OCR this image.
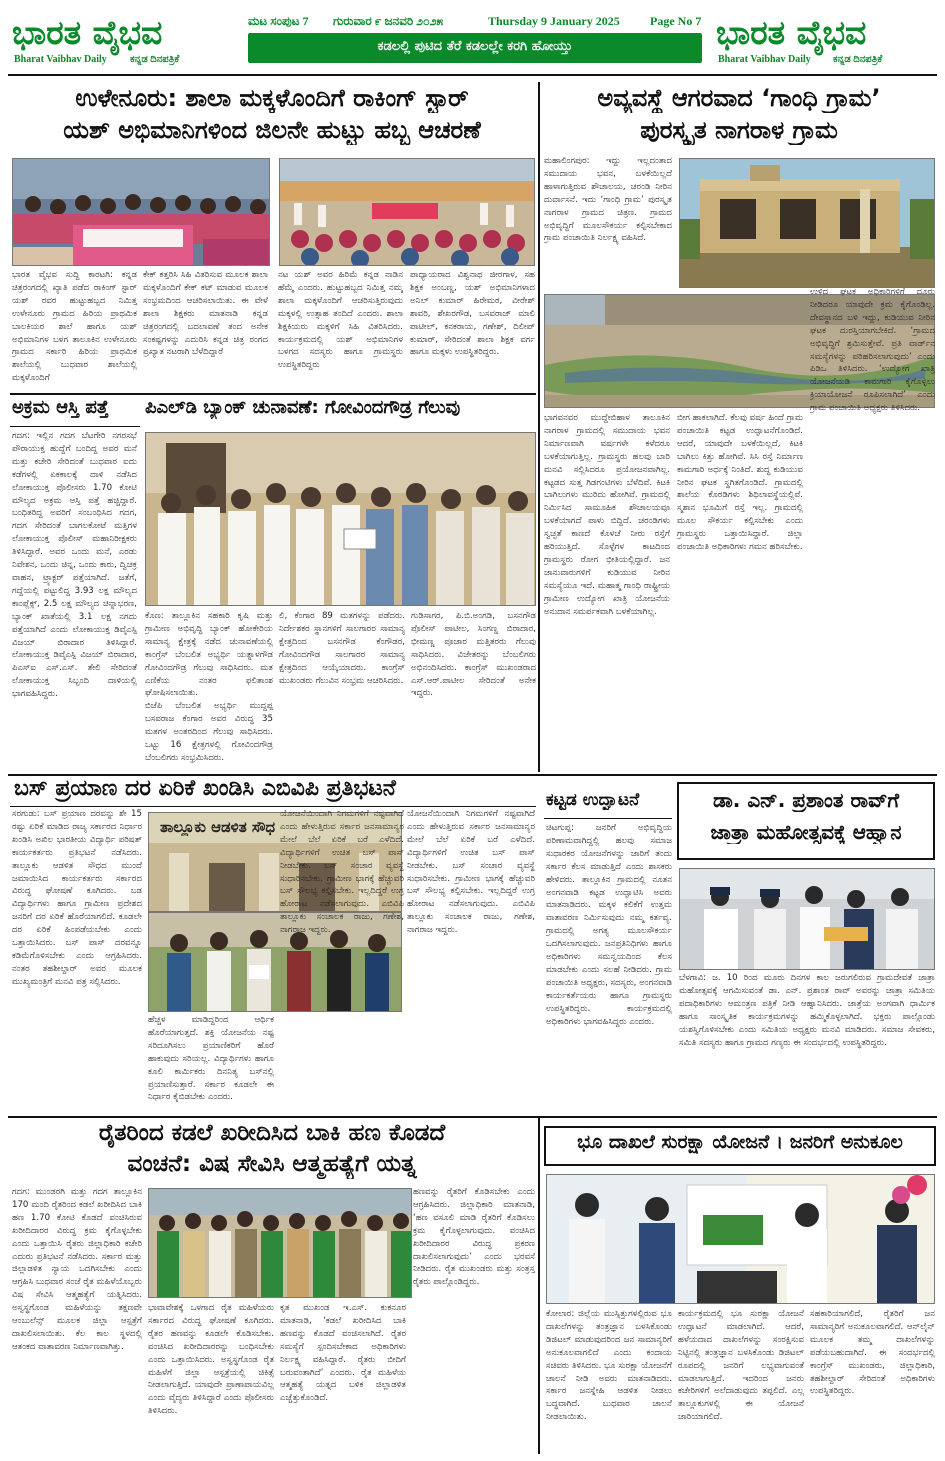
ಭಾರತ ವೈಭವ
Bharat Vaibhav Daily ಕನ್ನಡ ದಿನಪತ್ರಿಕೆ
ಮಟ ಸಂಪುಟ 7 ಗುರುವಾರ ೯ ಜನವರಿ ೨೦೨೫	Thursday 9 January 2025	Page No 7
ಕಡಲಲ್ಲಿ ಪುಟಿದ ತೆರೆ ಕಡಲಲ್ಲೇ ಕರಗಿ ಹೋಯ್ತು	ಭಾರತ ವೈಭವ
Bharat Vaibhav Daily ಕನ್ನಡ ದಿನಪತ್ರಿಕೆ
ಉಳೇನೂರು: ಶಾಲಾ ಮಕ್ಕಳೊಂದಿಗೆ ರಾಕಿಂಗ್ ಸ್ಟಾರ್
ಯಶ್ ಅಭಿಮಾನಿಗಳಿಂದ ಜಿಲನೇ ಹುಟ್ಟು ಹಬ್ಬ ಆಚರಣೆ
ಭಾರತ ವೈಭವ ಸುದ್ದಿ ಕಾರಟಗಿ: ಕನ್ನಡ ಚಿತ್ರರಂಗದಲ್ಲಿ ಖ್ಯಾತಿ ಪಡೆದ ರಾಕಿಂಗ್ ಸ್ಟಾರ್ ಯಶ್ ರವರ ಹುಟ್ಟುಹಬ್ಬದ ನಿಮಿತ್ತ ಉಳೇನೂರು ಗ್ರಾಮದ ಹಿರಿಯ ಪ್ರಾಥಮಿಕ ಬಾಲಕಿಯರ ಶಾಲೆ ಹಾಗೂ ಯಶ್ ಅಭಿಮಾನಿಗಳ ಬಳಗ ತಾಲೂಕಿನ ಉಳೇನೂರು ಗ್ರಾಮದ ಸರ್ಕಾರಿ ಹಿರಿಯ ಪ್ರಾಥಮಿಕ ಶಾಲೆಯಲ್ಲಿ ಬುಧವಾರ ಶಾಲೆಯಲ್ಲಿ ಮಕ್ಕಳೊಂದಿಗೆ
ಕೇಕ್ ಕತ್ತರಿಸಿ ಸಿಹಿ ವಿತರಿಸುವ ಮೂಲಕ ಶಾಲಾ ಮಕ್ಕಳೊಂದಿಗೆ ಕೇಕ್ ಕಟ್ ಮಾಡುವ ಮೂಲಕ ಸಂಭ್ರಮದಿಂದ ಆಚರಿಸಲಾಯಿತು. ಈ ವೇಳೆ ಶಾಲಾ ಶಿಕ್ಷಕರು ಮಾತನಾಡಿ ಕನ್ನಡ ಚಿತ್ರರಂಗದಲ್ಲಿ ಬದಲಾವಣೆ ತಂದ ಅನೇಕ ಸಂಕಷ್ಟಗಳನ್ನು ಎದುರಿಸಿ ಕನ್ನಡ ಚಿತ್ರ ರಂಗದ ಪ್ರಖ್ಯಾತ ನಟರಾಗಿ ಬೆಳೆದಿದ್ದಾರೆ
ನಟ ಯಶ್ ಅವರ ಹಿರಿಮೆ ಕನ್ನಡ ನಾಡಿನ ಹೆಮ್ಮೆ ಎಂದರು. ಹುಟ್ಟುಹಬ್ಬದ ನಿಮಿತ್ತ ನಮ್ಮ ಶಾಲಾ ಮಕ್ಕಳೊಂದಿಗೆ ಆಚರಿಸುತ್ತಿರುವುದು ಮಕ್ಕಳಲ್ಲಿ ಉತ್ಸಾಹ ತಂದಿದೆ ಎಂದರು. ಶಾಲಾ ಶಿಕ್ಷಕಿಯರು ಮಕ್ಕಳಿಗೆ ಸಿಹಿ ವಿತರಿಸಿದರು. ಕಾರ್ಯಕ್ರಮದಲ್ಲಿ ಯಶ್ ಅಭಿಮಾನಿಗಳ ಬಳಗದ ಸದಸ್ಯರು ಹಾಗೂ ಗ್ರಾಮಸ್ಥರು ಉಪಸ್ಥಿತರಿದ್ದರು
ಪಾಧ್ಯಾಯರಾದ ವಿಶ್ವನಾಥ ಜೀರಗಾಳ, ಸಹ ಶಿಕ್ಷಕ ಅಂಬಣ್ಣ, ಯಶ್ ಅಭಿಮಾನಿಗಳಾದ ಅನಿಲ್ ಕುಮಾರ್ ಹಿರೇಮಠ, ವೀರೇಶ್ ಶಾವರಿ, ಶೇಖರಗೌಡ, ಬಸವರಾಜ್ ಮಾಲಿ ಪಾಟೀಲ್, ಕನಕರಾಯ, ಗಣೇಶ್, ದಿಲೀಪ್ ಕುಮಾರ್, ಸೇರಿದಂತೆ ಶಾಲಾ ಶಿಕ್ಷಕ ವರ್ಗ ಹಾಗೂ ಮಕ್ಕಳು ಉಪಸ್ಥಿತರಿದ್ದರು.
ಅಕ್ರಮ ಆಸ್ತಿ ಪತ್ತೆ
ಗದಗ: ಇಲ್ಲಿನ ಗದಗ ಬೆಟಗೇರಿ ನಗರಸಭೆ ಪೌರಾಯುಕ್ತ ಹುದ್ದೆಗೆ ಬಂದಿದ್ದ ಅವರ ಮನೆ ಮತ್ತು ಕಚೇರಿ ಸೇರಿದಂತೆ ಬುಧವಾರ ಐದು ಕಡೆಗಳಲ್ಲಿ ಏಕಕಾಲಕ್ಕೆ ದಾಳಿ ನಡೆಸಿದ ಲೋಕಾಯುಕ್ತ ಪೊಲೀಸರು 1.70 ಕೋಟಿ ಮೌಲ್ಯದ ಅಕ್ರಮ ಆಸ್ತಿ ಪತ್ತೆ ಹಚ್ಚಿದ್ದಾರೆ. ಬಂಧಿತರಿದ್ದ ಅವರಿಗೆ ಸಂಬಂಧಿಸಿದ ಗದಗ, ಗದಗ ಸೇರಿದಂತೆ ಬಾಗಲಕೋಟೆ ಮತ್ತಿಗಳ ಲೋಕಾಯುಕ್ತ ಪೊಲೀಸ್ ಮಹಾನಿರೀಕ್ಷಕರು ತಿಳಿಸಿದ್ದಾರೆ. ಅವರ ಒಂದು ಮನೆ, ಎರಡು ನಿವೇಶನ, ಒಂದು ಚಿನ್ನ, ಒಂದು ಕಾರು, ದ್ವಿಚಕ್ರ ವಾಹನ, ಟ್ರ್ಯಾಕ್ಟರ್ ಪತ್ತೆಯಾಗಿದೆ. ಜತೆಗೆ, ಗದ್ದೆಯಲ್ಲಿ ಪಟ್ಟುಲಿದ್ದ 3.93 ಲಕ್ಷ ಮೌಲ್ಯದ ಕಾಂಪ್ಲೆಕ್ಸ್, 2.5 ಲಕ್ಷ ಮೌಲ್ಯದ ಚಿನ್ನಾಭರಣ, ಬ್ಯಾಂಕ್ ಖಾತೆಯಲ್ಲಿ 3.1 ಲಕ್ಷ ನಗದು ಪತ್ತೆಯಾಗಿದೆ ಎಂದು ಲೋಕಾಯುಕ್ತ ಡಿವೈಎಸ್ಪಿ ವಿಜಯ್ ಬಿರಾದಾರ ತಿಳಿಸಿದ್ದಾರೆ. ಲೋಕಾಯುಕ್ತ ಡಿವೈಎಸ್ಪಿ ವಿಜಯ್ ಬಿರಾದಾರ, ಪಿಎಸ್ಐ ಎಸ್.ಎಸ್. ತೇಲಿ ಸೇರಿದಂತೆ ಲೋಕಾಯುಕ್ತ ಸಿಬ್ಬಂದಿ ದಾಳಿಯಲ್ಲಿ ಭಾಗವಹಿಸಿದ್ದರು.
ಪಿಎಲ್‌ಡಿ ಬ್ಯಾಂಕ್ ಚುನಾವಣೆ: ಗೋವಿಂದಗೌಡ್ರ ಗೆಲುವು
ಕೊಣ: ತಾಲ್ಲೂಕಿನ ಸಹಕಾರಿ ಕೃಷಿ ಮತ್ತು ಗ್ರಾಮೀಣ ಅಭಿವೃದ್ಧಿ ಬ್ಯಾಂಕ್ ಹೋಕೇರಿಯ ಸಾಮಾನ್ಯ ಕ್ಷೇತ್ರಕ್ಕೆ ನಡೆದ ಚುನಾವಣೆಯಲ್ಲಿ ಕಾಂಗ್ರೆಸ್ ಬೆಂಬಲಿತ ಅಭ್ಯರ್ಥಿ ಯತ್ನಾಳಗೌಡ ಗೋವಿಂದಗೌಡ್ರ ಗೆಲುವು ಸಾಧಿಸಿದರು. ಮತ ಎಣಿಕೆಯ ನಂತರ ಫಲಿತಾಂಶ ಘೋಷಿಸಲಾಯಿತು.
ಬಿಜೆಪಿ ಬೆಂಬಲಿತ ಅಭ್ಯರ್ಥಿ ಮುದ್ದಪ್ಪ ಬಸವರಾಜ ಕೆಂಗಾರ ಅವರ ವಿರುದ್ಧ 35 ಮತಗಳ ಅಂತರದಿಂದ ಗೆಲುವು ಸಾಧಿಸಿದರು. ಒಟ್ಟು 16 ಕ್ಷೇತ್ರಗಳಲ್ಲಿ ಗೋವಿಂದಗೌಡ್ರ ಬೆಂಬಲಿಗರು ಸಂಭ್ರಮಿಸಿದರು.
ಲಿ, ಕೆಂಗಾರ 89 ಮತಗಳನ್ನು ಪಡೆದರು. ನಿರ್ದೇಶಕರ ಸ್ಥಾನಗಳಿಗೆ ಸಾಲಗಾರರ ಸಾಮಾನ್ಯ ಕ್ಷೇತ್ರದಿಂದ ಬಸನಗೌಡ ಕೆಂಗೌಡರ, ಗೋವಿಂದಗೌಡ ಸಾಲಗಾರರ ಸಾಮಾನ್ಯ ಕ್ಷೇತ್ರದಿಂದ ಆಯ್ಕೆಯಾದರು. ಕಾಂಗ್ರೆಸ್ ಮುಖಂಡರು ಗೆಲುವಿನ ಸಂಭ್ರಮ ಆಚರಿಸಿದರು.
ಗುಡಿಸಾಗರ, ಪಿ.ಬಿ.ಅಂಗಡಿ, ಬಸನಗೌಡ ಪೊಲೀಸ್ ಪಾಟೀಲ, ಸಿಂಗಣ್ಣ ಬಿರಾದಾರ, ಭೀಮಣ್ಣ ಪೂಜಾರ ಮತ್ತಿತರರು ಗೆಲುವು ಸಾಧಿಸಿದರು. ವಿಜೇತರನ್ನು ಬೆಂಬಲಿಗರು ಅಭಿನಂದಿಸಿದರು. ಕಾಂಗ್ರೆಸ್ ಮುಖಂಡರಾದ ಎಸ್.ಆರ್.ಪಾಟೀಲ ಸೇರಿದಂತೆ ಅನೇಕ ಇದ್ದರು.
ಅವ್ಯವಸ್ಥೆ ಆಗರವಾದ ‘ಗಾಂಧಿ ಗ್ರಾಮ’
ಪುರಸ್ಕೃತ ನಾಗರಾಳ ಗ್ರಾಮ
ಮಹಾಲಿಂಗಪುರ: ಇದ್ದು ಇಲ್ಲದಂತಾದ ಸಮುದಾಯ ಭವನ, ಬಳಕೆಯಿಲ್ಲದೆ ಹಾಳಾಗುತ್ತಿರುವ ಶೌಚಾಲಯ, ಚರಂಡಿ ನೀರಿನ ದುರ್ವಾಸನೆ. ಇದು ‘ಗಾಂಧಿ ಗ್ರಾಮ’ ಪುರಸ್ಕೃತ ನಾಗರಾಳ ಗ್ರಾಮದ ಚಿತ್ರಣ. ಗ್ರಾಮದ ಅಭಿವೃದ್ಧಿಗೆ ಮೂಲಸೌಕರ್ಯ ಕಲ್ಪಿಸಬೇಕಾದ ಗ್ರಾಮ ಪಂಚಾಯಿತಿ ನಿರ್ಲಕ್ಷ್ಯ ವಹಿಸಿದೆ.
ಭಾಗವನವರ ಮುದ್ದೇಬಿಹಾಳ ತಾಲೂಕಿನ ನಾಗರಾಳ ಗ್ರಾಮದಲ್ಲಿ ಸಮುದಾಯ ಭವನ ನಿರ್ಮಾಣವಾಗಿ ವರ್ಷಗಳೇ ಕಳೆದರೂ ಬಳಕೆಯಾಗುತ್ತಿಲ್ಲ. ಗ್ರಾಮಸ್ಥರು ಹಲವು ಬಾರಿ ಮನವಿ ಸಲ್ಲಿಸಿದರೂ ಪ್ರಯೋಜನವಾಗಿಲ್ಲ. ಕಟ್ಟಡದ ಸುತ್ತ ಗಿಡಗಂಟಿಗಳು ಬೆಳೆದಿವೆ. ಕಿಟಕಿ ಬಾಗಿಲುಗಳು ಮುರಿದು ಹೋಗಿವೆ. ಗ್ರಾಮದಲ್ಲಿ ನಿರ್ಮಿಸಿದ ಸಾಮೂಹಿಕ ಶೌಚಾಲಯವೂ ಬಳಕೆಯಾಗದೆ ಪಾಳು ಬಿದ್ದಿದೆ. ಚರಂಡಿಗಳು ಸ್ವಚ್ಛತೆ ಕಾಣದೆ ಕೊಳಚೆ ನೀರು ರಸ್ತೆಗೆ ಹರಿಯುತ್ತಿದೆ. ಸೊಳ್ಳೆಗಳ ಕಾಟದಿಂದ ಗ್ರಾಮಸ್ಥರು ರೋಗ ಭೀತಿಯಲ್ಲಿದ್ದಾರೆ. ಜನ ಜಾನುವಾರುಗಳಿಗೆ ಕುಡಿಯುವ ನೀರಿನ ಸಮಸ್ಯೆಯೂ ಇದೆ. ಮಹಾತ್ಮ ಗಾಂಧಿ ರಾಷ್ಟ್ರೀಯ ಗ್ರಾಮೀಣ ಉದ್ಯೋಗ ಖಾತ್ರಿ ಯೋಜನೆಯ ಅನುದಾನ ಸಮರ್ಪಕವಾಗಿ ಬಳಕೆಯಾಗಿಲ್ಲ.
ಬೀಗ ಹಾಕಲಾಗಿದೆ. ಕೆಲವು ವರ್ಷ ಹಿಂದೆ ಗ್ರಾಮ ಪಂಚಾಯಿತಿ ಕಟ್ಟಡ ಉದ್ಘಾಟನೆಗೊಂಡಿದೆ. ಆದರೆ, ಯಾವುದೇ ಬಳಕೆಯಿಲ್ಲದೆ, ಕಿಟಕಿ ಬಾಗಿಲು ಕಿತ್ತು ಹೋಗಿವೆ. ಸಿಸಿ ರಸ್ತೆ ನಿರ್ಮಾಣ ಕಾಮಗಾರಿ ಅರ್ಧಕ್ಕೆ ನಿಂತಿದೆ. ಶುದ್ಧ ಕುಡಿಯುವ ನೀರಿನ ಘಟಕ ಸ್ಥಗಿತಗೊಂಡಿದೆ. ಗ್ರಾಮದಲ್ಲಿ ಶಾಲೆಯ ಕೊಠಡಿಗಳು ಶಿಥಿಲಾವಸ್ಥೆಯಲ್ಲಿವೆ. ಸ್ಮಶಾನ ಭೂಮಿಗೆ ರಸ್ತೆ ಇಲ್ಲ. ಗ್ರಾಮದಲ್ಲಿ ಮೂಲ ಸೌಕರ್ಯ ಕಲ್ಪಿಸಬೇಕು ಎಂದು ಗ್ರಾಮಸ್ಥರು ಒತ್ತಾಯಿಸಿದ್ದಾರೆ. ಜಿಲ್ಲಾ ಪಂಚಾಯಿತಿ ಅಧಿಕಾರಿಗಳು ಗಮನ ಹರಿಸಬೇಕು.
ಉಳಿದ ಘಟಕ ಅಧಿಕಾರಿಗಳಿಗೆ ದೂರು ನೀಡಿದರೂ ಯಾವುದೇ ಕ್ರಮ ಕೈಗೊಂಡಿಲ್ಲ. ದೇವಸ್ಥಾನದ ಬಳಿ ಇದ್ದು, ಕುಡಿಯುವ ನೀರಿನ ಘಟಕ ದುರಸ್ತಿಯಾಗಬೇಕಿದೆ. ‘ಗ್ರಾಮದ ಅಭಿವೃದ್ಧಿಗೆ ಶ್ರಮಿಸುತ್ತೇವೆ. ಪ್ರತಿ ವಾರ್ಡ್‌ನ ಸಮಸ್ಯೆಗಳನ್ನು ಪರಿಹರಿಸಲಾಗುವುದು’ ಎಂದು ಪಿಡಿಒ ತಿಳಿಸಿದರು. ‘ಉದ್ಯೋಗ ಖಾತ್ರಿ ಯೋಜನೆಯಡಿ ಕಾಮಗಾರಿ ಕೈಗೊಳ್ಳಲು ಕ್ರಿಯಾಯೋಜನೆ ರೂಪಿಸಲಾಗಿದೆ’ ಎಂದು ಗ್ರಾಮ ಪಂಚಾಯಿತಿ ಅಧ್ಯಕ್ಷರು ತಿಳಿಸಿದರು.
ಬಸ್ ಪ್ರಯಾಣ ದರ ಏರಿಕೆ ಖಂಡಿಸಿ ಎಬಿವಿಪಿ ಪ್ರತಿಭಟನೆ
ಸರಗುಡು: ಬಸ್ ಪ್ರಯಾಣ ದರವನ್ನು ಶೇ 15 ರಷ್ಟು ಏರಿಕೆ ಮಾಡಿದ ರಾಜ್ಯ ಸರ್ಕಾರದ ನಿರ್ಧಾರ ಖಂಡಿಸಿ ಅಖಿಲ ಭಾರತೀಯ ವಿದ್ಯಾರ್ಥಿ ಪರಿಷತ್ ಕಾರ್ಯಕರ್ತರು ಪ್ರತಿಭಟನೆ ನಡೆಸಿದರು. ತಾಲ್ಲೂಕು ಆಡಳಿತ ಸೌಧದ ಮುಂದೆ ಜಮಾಯಿಸಿದ ಕಾರ್ಯಕರ್ತರು ಸರ್ಕಾರದ ವಿರುದ್ಧ ಘೋಷಣೆ ಕೂಗಿದರು. ಬಡ ವಿದ್ಯಾರ್ಥಿಗಳು ಹಾಗೂ ಗ್ರಾಮೀಣ ಪ್ರದೇಶದ ಜನರಿಗೆ ದರ ಏರಿಕೆ ಹೊರೆಯಾಗಲಿದೆ. ಕೂಡಲೇ ದರ ಏರಿಕೆ ಹಿಂಪಡೆಯಬೇಕು ಎಂದು ಒತ್ತಾಯಿಸಿದರು. ಬಸ್ ಪಾಸ್ ದರವನ್ನೂ ಕಡಿಮೆಗೊಳಿಸಬೇಕು ಎಂದು ಆಗ್ರಹಿಸಿದರು. ನಂತರ ತಹಶೀಲ್ದಾರ್ ಅವರ ಮೂಲಕ ಮುಖ್ಯಮಂತ್ರಿಗೆ ಮನವಿ ಪತ್ರ ಸಲ್ಲಿಸಿದರು.
ತಾಲ್ಲೂಕು ಆಡಳಿತ ಸೌಧ
ಹೆಚ್ಚಳ ಮಾಡಿದ್ದರಿಂದ ಆರ್ಥಿಕ ಹೊರೆಯಾಗುತ್ತದೆ. ಶಕ್ತಿ ಯೋಜನೆಯ ನಷ್ಟ ಸರಿದೂಗಿಸಲು ಪ್ರಯಾಣಿಕರಿಗೆ ಹೊರೆ ಹಾಕುವುದು ಸರಿಯಲ್ಲ. ವಿದ್ಯಾರ್ಥಿಗಳು ಹಾಗೂ ಕೂಲಿ ಕಾರ್ಮಿಕರು ದಿನನಿತ್ಯ ಬಸ್‌ನಲ್ಲಿ ಪ್ರಯಾಣಿಸುತ್ತಾರೆ. ಸರ್ಕಾರ ಕೂಡಲೇ ಈ ನಿರ್ಧಾರ ಕೈಬಿಡಬೇಕು ಎಂದರು.
ಯೋಜನೆಯಿಂದಾಗಿ ನಿಗಮಗಳಿಗೆ ನಷ್ಟವಾಗಿದೆ ಎಂದು ಹೇಳುತ್ತಿರುವ ಸರ್ಕಾರ ಜನಸಾಮಾನ್ಯರ ಮೇಲೆ ಬೆಲೆ ಏರಿಕೆ ಬರೆ ಎಳೆದಿದೆ. ವಿದ್ಯಾರ್ಥಿಗಳಿಗೆ ಉಚಿತ ಬಸ್ ಪಾಸ್ ನೀಡಬೇಕು. ಬಸ್ ಸಂಚಾರ ವ್ಯವಸ್ಥೆ ಸುಧಾರಿಸಬೇಕು. ಗ್ರಾಮೀಣ ಭಾಗಕ್ಕೆ ಹೆಚ್ಚುವರಿ ಬಸ್ ಸೌಲಭ್ಯ ಕಲ್ಪಿಸಬೇಕು. ಇಲ್ಲದಿದ್ದರೆ ಉಗ್ರ ಹೋರಾಟ ನಡೆಸಲಾಗುವುದು. ಎಬಿವಿಪಿ ತಾಲ್ಲೂಕು ಸಂಚಾಲಕ ರಾಜು, ಗಣೇಶ, ನಾಗರಾಜ ಇದ್ದರು.
ಯೋಜನೆಯಿಂದಾಗಿ ನಿಗಮಗಳಿಗೆ ನಷ್ಟವಾಗಿದೆ ಎಂದು ಹೇಳುತ್ತಿರುವ ಸರ್ಕಾರ ಜನಸಾಮಾನ್ಯರ ಮೇಲೆ ಬೆಲೆ ಏರಿಕೆ ಬರೆ ಎಳೆದಿದೆ. ವಿದ್ಯಾರ್ಥಿಗಳಿಗೆ ಉಚಿತ ಬಸ್ ಪಾಸ್ ನೀಡಬೇಕು. ಬಸ್ ಸಂಚಾರ ವ್ಯವಸ್ಥೆ ಸುಧಾರಿಸಬೇಕು. ಗ್ರಾಮೀಣ ಭಾಗಕ್ಕೆ ಹೆಚ್ಚುವರಿ ಬಸ್ ಸೌಲಭ್ಯ ಕಲ್ಪಿಸಬೇಕು. ಇಲ್ಲದಿದ್ದರೆ ಉಗ್ರ ಹೋರಾಟ ನಡೆಸಲಾಗುವುದು. ಎಬಿವಿಪಿ ತಾಲ್ಲೂಕು ಸಂಚಾಲಕ ರಾಜು, ಗಣೇಶ, ನಾಗರಾಜ ಇದ್ದರು.
ಕಟ್ಟಡ ಉದ್ಘಾಟನೆ
ಚಿಟಗುಪ್ಪ: ಜನರಿಗೆ ಅಭಿವೃದ್ಧಿಯ ಪರಿಣಾಮವಾಗಿದ್ದಲ್ಲಿ ಹಲವು ಸಮಾಜ ಸುಧಾರಕರ ಯೋಜನೆಗಳನ್ನು ಜಾರಿಗೆ ತಂದು ಸರ್ಕಾರ ಕೆಲಸ ಮಾಡುತ್ತಿದೆ ಎಂದು ಶಾಸಕರು ಹೇಳಿದರು. ತಾಲ್ಲೂಕಿನ ಗ್ರಾಮದಲ್ಲಿ ನೂತನ ಅಂಗನವಾಡಿ ಕಟ್ಟಡ ಉದ್ಘಾಟಿಸಿ ಅವರು ಮಾತನಾಡಿದರು. ಮಕ್ಕಳ ಕಲಿಕೆಗೆ ಉತ್ತಮ ವಾತಾವರಣ ನಿರ್ಮಿಸುವುದು ನಮ್ಮ ಕರ್ತವ್ಯ. ಗ್ರಾಮದಲ್ಲಿ ಅಗತ್ಯ ಮೂಲಸೌಕರ್ಯ ಒದಗಿಸಲಾಗುವುದು. ಜನಪ್ರತಿನಿಧಿಗಳು ಹಾಗೂ ಅಧಿಕಾರಿಗಳು ಸಮನ್ವಯದಿಂದ ಕೆಲಸ ಮಾಡಬೇಕು ಎಂದು ಸಲಹೆ ನೀಡಿದರು. ಗ್ರಾಮ ಪಂಚಾಯಿತಿ ಅಧ್ಯಕ್ಷರು, ಸದಸ್ಯರು, ಅಂಗನವಾಡಿ ಕಾರ್ಯಕರ್ತೆಯರು ಹಾಗೂ ಗ್ರಾಮಸ್ಥರು ಉಪಸ್ಥಿತರಿದ್ದರು. ಕಾರ್ಯಕ್ರಮದಲ್ಲಿ ಅಧಿಕಾರಿಗಳು ಭಾಗವಹಿಸಿದ್ದರು ಎಂದರು.
ಡಾ. ಎನ್. ಪ್ರಶಾಂತ ರಾವ್‌ಗೆ
ಜಾತ್ರಾ ಮಹೋತ್ಸವಕ್ಕೆ ಆಹ್ವಾನ
ಬೆಳಗಾವಿ: ಜ. 10 ರಿಂದ ಮೂರು ದಿನಗಳ ಕಾಲ ಜರುಗಲಿರುವ ಗ್ರಾಮದೇವತೆ ಜಾತ್ರಾ ಮಹೋತ್ಸವಕ್ಕೆ ಆಗಮಿಸುವಂತೆ ಡಾ. ಎನ್. ಪ್ರಶಾಂತ ರಾವ್ ಅವರನ್ನು ಜಾತ್ರಾ ಸಮಿತಿಯ ಪದಾಧಿಕಾರಿಗಳು ಆಮಂತ್ರಣ ಪತ್ರಿಕೆ ನೀಡಿ ಆಹ್ವಾನಿಸಿದರು. ಜಾತ್ರೆಯ ಅಂಗವಾಗಿ ಧಾರ್ಮಿಕ ಹಾಗೂ ಸಾಂಸ್ಕೃತಿಕ ಕಾರ್ಯಕ್ರಮಗಳನ್ನು ಹಮ್ಮಿಕೊಳ್ಳಲಾಗಿದೆ. ಭಕ್ತರು ಪಾಲ್ಗೊಂಡು ಯಶಸ್ವಿಗೊಳಿಸಬೇಕು ಎಂದು ಸಮಿತಿಯ ಅಧ್ಯಕ್ಷರು ಮನವಿ ಮಾಡಿದರು. ಸಮಾಜ ಸೇವಕರು, ಸಮಿತಿ ಸದಸ್ಯರು ಹಾಗೂ ಗ್ರಾಮದ ಗಣ್ಯರು ಈ ಸಂದರ್ಭದಲ್ಲಿ ಉಪಸ್ಥಿತರಿದ್ದರು.
ರೈತರಿಂದ ಕಡಲೆ ಖರೀದಿಸಿದ ಬಾಕಿ ಹಣ ಕೊಡದೆ
ವಂಚನೆ: ವಿಷ ಸೇವಿಸಿ ಆತ್ಮಹತ್ಯೆಗೆ ಯತ್ನ
ಗದಗ: ಮುಂಡರಗಿ ಮತ್ತು ಗದಗ ತಾಲ್ಲೂಕಿನ 170 ಮಂದಿ ರೈತರಿಂದ ಕಡಲೆ ಖರೀದಿಸಿದ ಬಾಕಿ ಹಣ 1.70 ಕೋಟಿ ಕೊಡದೆ ವಂಚಿಸಿರುವ ಖರೀದಿದಾರರ ವಿರುದ್ಧ ಕ್ರಮ ಕೈಗೊಳ್ಳಬೇಕು ಎಂದು ಒತ್ತಾಯಿಸಿ ರೈತರು ಜಿಲ್ಲಾಧಿಕಾರಿ ಕಚೇರಿ ಎದುರು ಪ್ರತಿಭಟನೆ ನಡೆಸಿದರು. ಸರ್ಕಾರ ಮತ್ತು ಜಿಲ್ಲಾಡಳಿತ ನ್ಯಾಯ ಒದಗಿಸಬೇಕು ಎಂದು ಆಗ್ರಹಿಸಿ ಬುಧವಾರ ಸಂಜೆ ರೈತ ಮಹಿಳೆಯೊಬ್ಬರು ವಿಷ ಸೇವಿಸಿ ಆತ್ಮಹತ್ಯೆಗೆ ಯತ್ನಿಸಿದರು. ಅಸ್ವಸ್ಥಗೊಂಡ ಮಹಿಳೆಯನ್ನು ತಕ್ಷಣವೇ ಆಂಬುಲೆನ್ಸ್ ಮೂಲಕ ಜಿಲ್ಲಾ ಆಸ್ಪತ್ರೆಗೆ ದಾಖಲಿಸಲಾಯಿತು. ಕೆಲ ಕಾಲ ಸ್ಥಳದಲ್ಲಿ ಆತಂಕದ ವಾತಾವರಣ ನಿರ್ಮಾಣವಾಗಿತ್ತು.
ಭಾವಾವೇಶಕ್ಕೆ ಒಳಗಾದ ರೈತ ಮಹಿಳೆಯರು ಸರ್ಕಾರದ ವಿರುದ್ಧ ಘೋಷಣೆ ಕೂಗಿದರು. ರೈತರ ಹಣವನ್ನು ಕೂಡಲೇ ಕೊಡಿಸಬೇಕು. ವಂಚಿಸಿದ ಖರೀದಿದಾರರನ್ನು ಬಂಧಿಸಬೇಕು ಎಂದು ಒತ್ತಾಯಿಸಿದರು. ಅಸ್ವಸ್ಥಗೊಂಡ ರೈತ ಮಹಿಳೆಗೆ ಜಿಲ್ಲಾ ಆಸ್ಪತ್ರೆಯಲ್ಲಿ ಚಿಕಿತ್ಸೆ ನೀಡಲಾಗುತ್ತಿದೆ. ಯಾವುದೇ ಪ್ರಾಣಾಪಾಯವಿಲ್ಲ ಎಂದು ವೈದ್ಯರು ತಿಳಿಸಿದ್ದಾರೆ ಎಂದು ಪೊಲೀಸರು ತಿಳಿಸಿದರು.
ಕೃತ ಮುಖಂಡ ಇ.ಎಸ್. ಕುಕನೂರ ಮಾತನಾಡಿ, ‘ಕಡಲೆ ಖರೀದಿಸಿದ ಬಾಕಿ ಹಣವನ್ನು ಕೊಡದೆ ವಂಚಿಸಲಾಗಿದೆ. ರೈತರ ಸಮಸ್ಯೆಗೆ ಸ್ಪಂದಿಸಬೇಕಾದ ಅಧಿಕಾರಿಗಳು ನಿರ್ಲಕ್ಷ್ಯ ವಹಿಸಿದ್ದಾರೆ. ರೈತರು ಬೀದಿಗೆ ಬರುವಂತಾಗಿದೆ’ ಎಂದರು. ರೈತ ಮಹಿಳೆಯ ಆತ್ಮಹತ್ಯೆ ಯತ್ನದ ಬಳಿಕ ಜಿಲ್ಲಾಡಳಿತ ಎಚ್ಚೆತ್ತುಕೊಂಡಿದೆ.
ಹಣವನ್ನು ರೈತರಿಗೆ ಕೊಡಿಸಬೇಕು ಎಂದು ಆಗ್ರಹಿಸಿದರು. ಜಿಲ್ಲಾಧಿಕಾರಿ ಮಾತನಾಡಿ, ‘ಹಣ ವಸೂಲಿ ಮಾಡಿ ರೈತರಿಗೆ ಕೊಡಿಸಲು ಕ್ರಮ ಕೈಗೊಳ್ಳಲಾಗುವುದು. ವಂಚಿಸಿದ ಖರೀದಿದಾರರ ವಿರುದ್ಧ ಪ್ರಕರಣ ದಾಖಲಿಸಲಾಗುವುದು’ ಎಂದು ಭರವಸೆ ನೀಡಿದರು. ರೈತ ಮುಖಂಡರು ಮತ್ತು ಸಂತ್ರಸ್ತ ರೈತರು ಪಾಲ್ಗೊಂಡಿದ್ದರು.
ಭೂ ದಾಖಲೆ ಸುರಕ್ಷಾ ಯೋಜನೆ । ಜನರಿಗೆ ಅನುಕೂಲ
ಕೋಲಾರ: ಜಿಲ್ಲೆಯ ಮುಸ್ಸಿತ್ತುಗಳಲ್ಲಿರುವ ಭೂ ದಾಖಲೆಗಳನ್ನು ತಂತ್ರಜ್ಞಾನ ಬಳಸಿಕೊಂಡು ಡಿಜಿಟಲ್ ಮಾಡುವುದರಿಂದ ಜನ ಸಾಮಾನ್ಯರಿಗೆ ಅನುಕೂಲವಾಗಲಿದೆ ಎಂದು ಕಂದಾಯ ಸಚಿವರು ತಿಳಿಸಿದರು. ಭೂ ಸುರಕ್ಷಾ ಯೋಜನೆಗೆ ಚಾಲನೆ ನೀಡಿ ಅವರು ಮಾತನಾಡಿದರು. ಸರ್ಕಾರ ಜನಸ್ನೇಹಿ ಆಡಳಿತ ನೀಡಲು ಬದ್ಧವಾಗಿದೆ. ಬುಧವಾರ ಚಾಲನೆ ನೀಡಲಾಯಿತು.
ಕಾರ್ಯಕ್ರಮದಲ್ಲಿ ಭೂ ಸುರಕ್ಷಾ ಯೋಜನೆ ಉದ್ಘಾಟನೆ ಮಾಡಲಾಗಿದೆ. ಆದರೆ, ಹಳೆಯದಾದ ದಾಖಲೆಗಳನ್ನು ಸಂರಕ್ಷಿಸುವ ನಿಟ್ಟಿನಲ್ಲಿ ತಂತ್ರಜ್ಞಾನ ಬಳಸಿಕೊಂಡು ಡಿಜಿಟಲ್ ರೂಪದಲ್ಲಿ ಜನರಿಗೆ ಲಭ್ಯವಾಗುವಂತೆ ಮಾಡಲಾಗುತ್ತಿದೆ. ಇದರಿಂದ ಜನರು ಕಚೇರಿಗಳಿಗೆ ಅಲೆದಾಡುವುದು ತಪ್ಪಲಿದೆ. ಎಲ್ಲ ತಾಲ್ಲೂಕುಗಳಲ್ಲಿ ಈ ಯೋಜನೆ ಜಾರಿಯಾಗಲಿದೆ.
ಸಹಕಾರಿಯಾಗಲಿದೆ, ರೈತರಿಗೆ ಜನ ಸಾಮಾನ್ಯರಿಗೆ ಅನುಕೂಲವಾಗಲಿದೆ. ಆನ್‌ಲೈನ್ ಮೂಲಕ ತಮ್ಮ ದಾಖಲೆಗಳನ್ನು ಪಡೆಯಬಹುದಾಗಿದೆ. ಈ ಸಂದರ್ಭದಲ್ಲಿ ಕಾಂಗ್ರೆಸ್ ಮುಖಂಡರು, ಜಿಲ್ಲಾಧಿಕಾರಿ, ತಹಶೀಲ್ದಾರ್ ಸೇರಿದಂತೆ ಅಧಿಕಾರಿಗಳು ಉಪಸ್ಥಿತರಿದ್ದರು.
